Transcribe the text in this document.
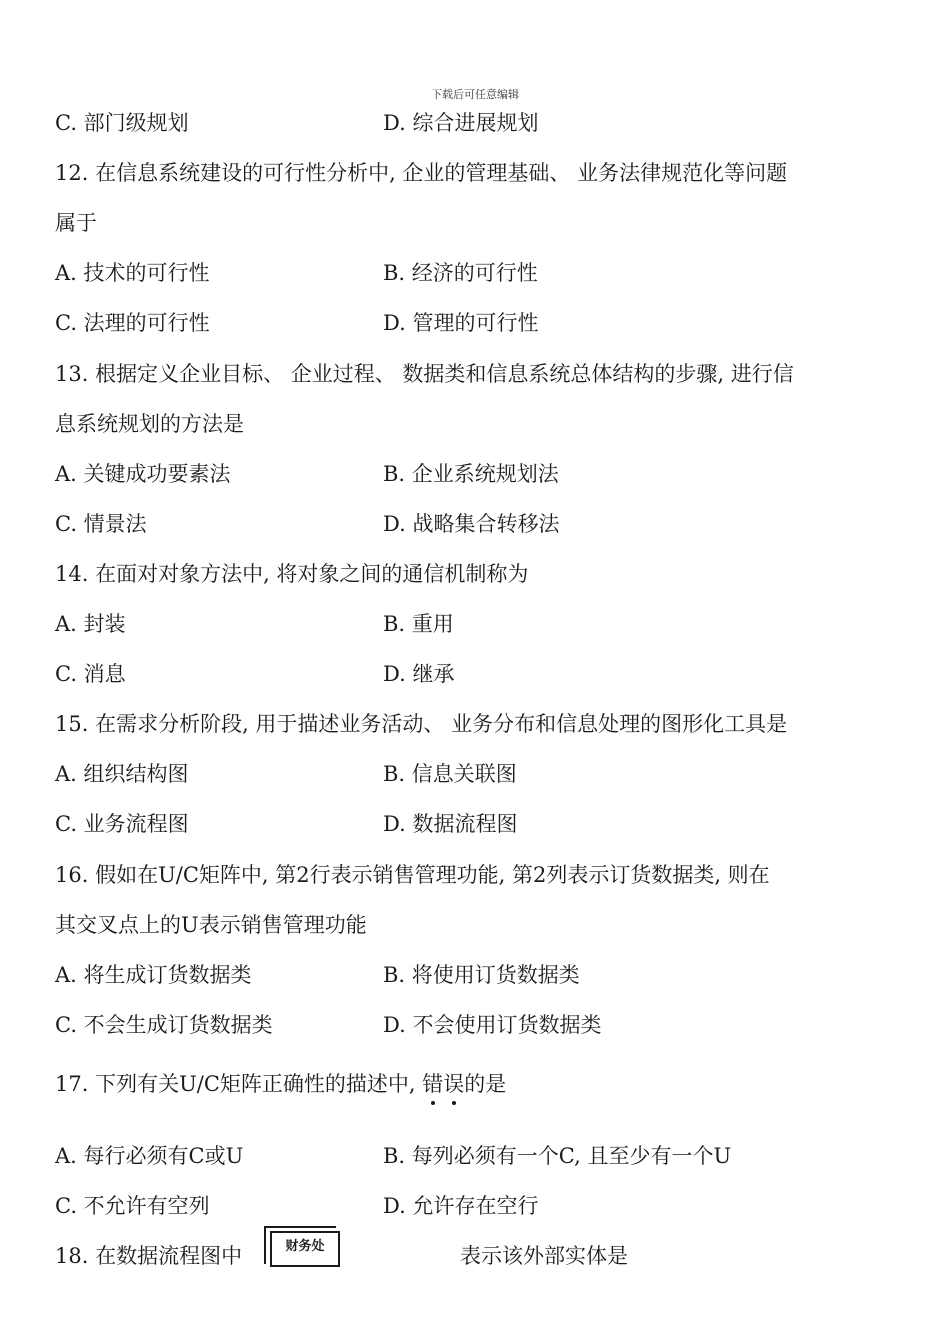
下载后可任意编辑
C. 部门级规划	D. 综合进展规划
12. 在信息系统建设的可行性分析中, 企业的管理基础、 业务法律规范化等问题
属于
A. 技术的可行性	B. 经济的可行性
C. 法理的可行性	D. 管理的可行性
13. 根据定义企业目标、 企业过程、 数据类和信息系统总体结构的步骤, 进行信
息系统规划的方法是
A. 关键成功要素法	B. 企业系统规划法
C. 情景法	D. 战略集合转移法
14. 在面对对象方法中, 将对象之间的通信机制称为
A. 封装	B. 重用
C. 消息	D. 继承
15. 在需求分析阶段, 用于描述业务活动、 业务分布和信息处理的图形化工具是
A. 组织结构图	B. 信息关联图
C. 业务流程图	D. 数据流程图
16. 假如在U/C矩阵中, 第2行表示销售管理功能, 第2列表示订货数据类, 则在
其交叉点上的U表示销售管理功能
A. 将生成订货数据类	B. 将使用订货数据类
C. 不会生成订货数据类	D. 不会使用订货数据类
17. 下列有关U/C矩阵正确性的描述中, 错误的是
A. 每行必须有C或U	B. 每列必须有一个C, 且至少有一个U
C. 不允许有空列	D. 允许存在空行
18. 在数据流程图中	财务处	表示该外部实体是
